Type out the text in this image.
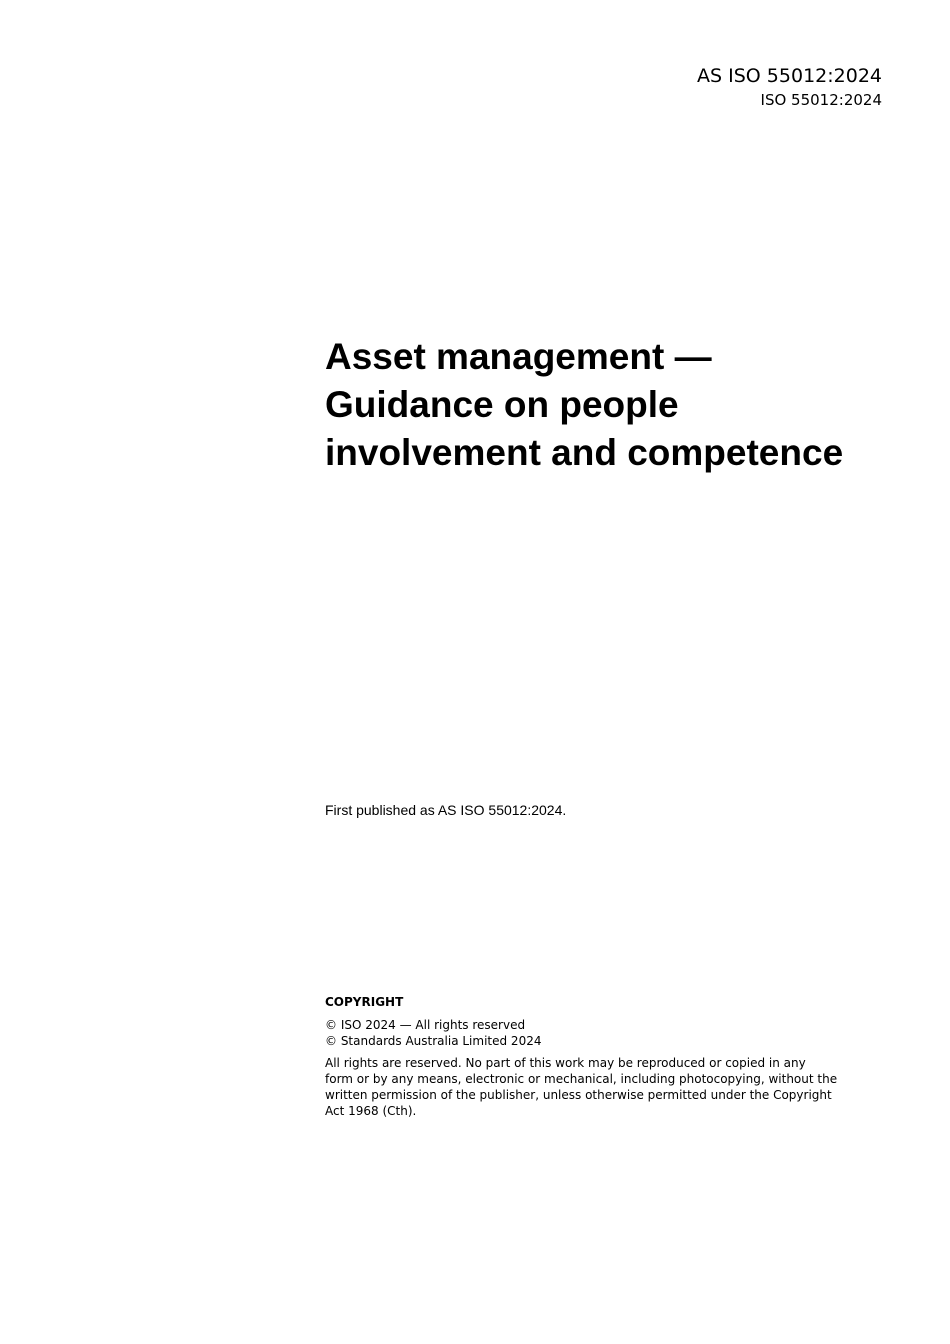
AS ISO 55012:2024
ISO 55012:2024
Asset management —
Guidance on people
involvement and competence
First published as AS ISO 55012:2024.
COPYRIGHT
© ISO 2024 — All rights reserved
© Standards Australia Limited 2024
All rights are reserved. No part of this work may be reproduced or copied in any
form or by any means, electronic or mechanical, including photocopying, without the
written permission of the publisher, unless otherwise permitted under the Copyright
Act 1968 (Cth).
